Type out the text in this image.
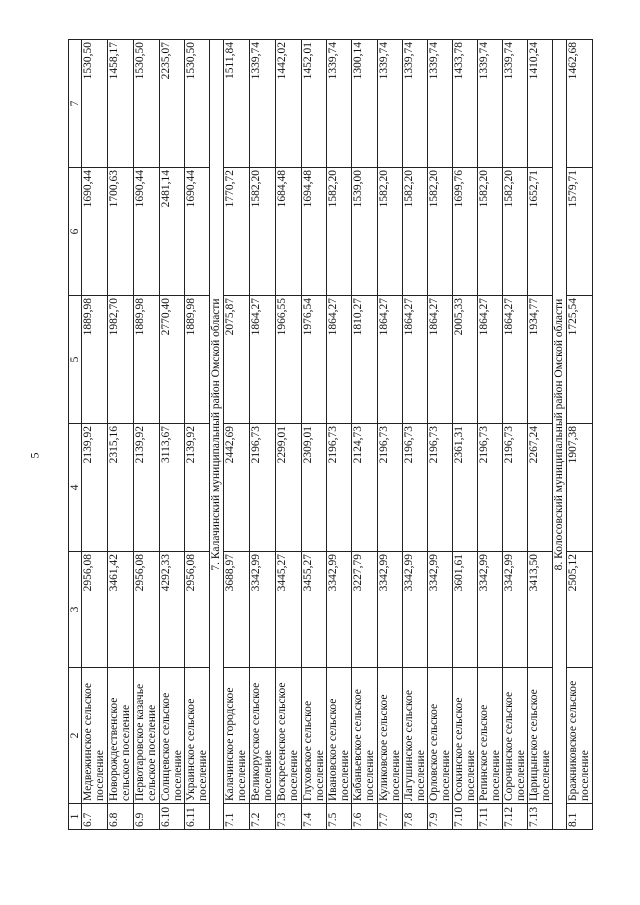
5
1	2	3	4	5	6	7
6.7	Медвежинское сельское поселение	2956,08	2139,92	1889,98	1690,44	1530,50
6.8	Новорождественское сельское поселение	3461,42	2315,16	1982,70	1700,63	1458,17
6.9	Первотаровское казачье сельское поселение	2956,08	2139,92	1889,98	1690,44	1530,50
6.10	Солнцевское сельское поселение	4292,33	3113,67	2770,40	2481,14	2235,07
6.11	Украинское сельское поселение	2956,08	2139,92	1889,98	1690,44	1530,50
7. Калачинский муниципальный район Омской области						
7.1	Калачинское городское поселение	3688,97	2442,69	2075,87	1770,72	1511,84
7.2	Великорусское сельское поселение	3342,99	2196,73	1864,27	1582,20	1339,74
7.3	Воскресенское сельское поселение	3445,27	2299,01	1966,55	1684,48	1442,02
7.4	Глуховское сельское поселение	3455,27	2309,01	1976,54	1694,48	1452,01
7.5	Ивановское сельское поселение	3342,99	2196,73	1864,27	1582,20	1339,74
7.6	Кабаньевское сельское поселение	3227,79	2124,73	1810,27	1539,00	1300,14
7.7	Куликовское сельское поселение	3342,99	2196,73	1864,27	1582,20	1339,74
7.8	Лагушинское сельское поселение	3342,99	2196,73	1864,27	1582,20	1339,74
7.9	Орловское сельское поселение	3342,99	2196,73	1864,27	1582,20	1339,74
7.10	Осокинское сельское поселение	3601,61	2361,31	2005,33	1699,76	1433,78
7.11	Репинское сельское поселение	3342,99	2196,73	1864,27	1582,20	1339,74
7.12	Сорочинское сельское поселение	3342,99	2196,73	1864,27	1582,20	1339,74
7.13	Царицынское сельское поселение	3413,50	2267,24	1934,77	1652,71	1410,24
8. Колосовский муниципальный район Омской области						
8.1	Бражниковское сельское поселение	2505,12	1907,38	1725,54	1579,71	1462,68
